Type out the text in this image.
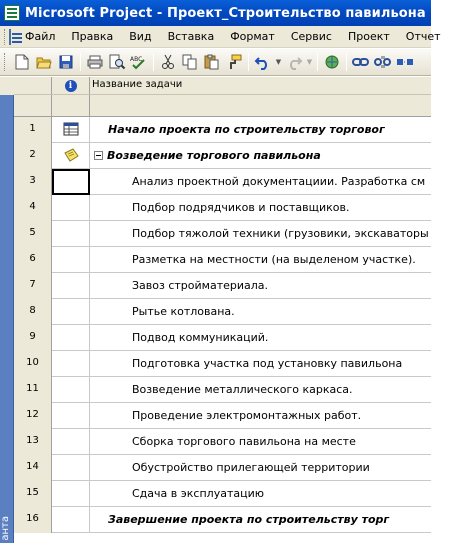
Microsoft Project - Проект_Строительство павильона
Файл	Правка	Вид	Вставка	Формат	Сервис	Проект	Отчет
ABC	▼	▼
i	Название задачи
анта
1	Начало проекта по строительству торговог
2	Возведение торгового павильона
3	Анализ проектной документациии. Разработка см
4	Подбор подрядчиков и поставщиков.
5	Подбор тяжолой техники (грузовики, экскаваторы
6	Разметка на местности (на выделеном участке).
7	Завоз стройматериала.
8	Рытье котлована.
9	Подвод коммуникаций.
10	Подготовка участка под установку павильона
11	Возведение металлического каркаса.
12	Проведение электромонтажных работ.
13	Сборка торгового павильона на месте
14	Обустройство прилегающей территории
15	Сдача в эксплуатацию
16	Завершение проекта по строительству торг
